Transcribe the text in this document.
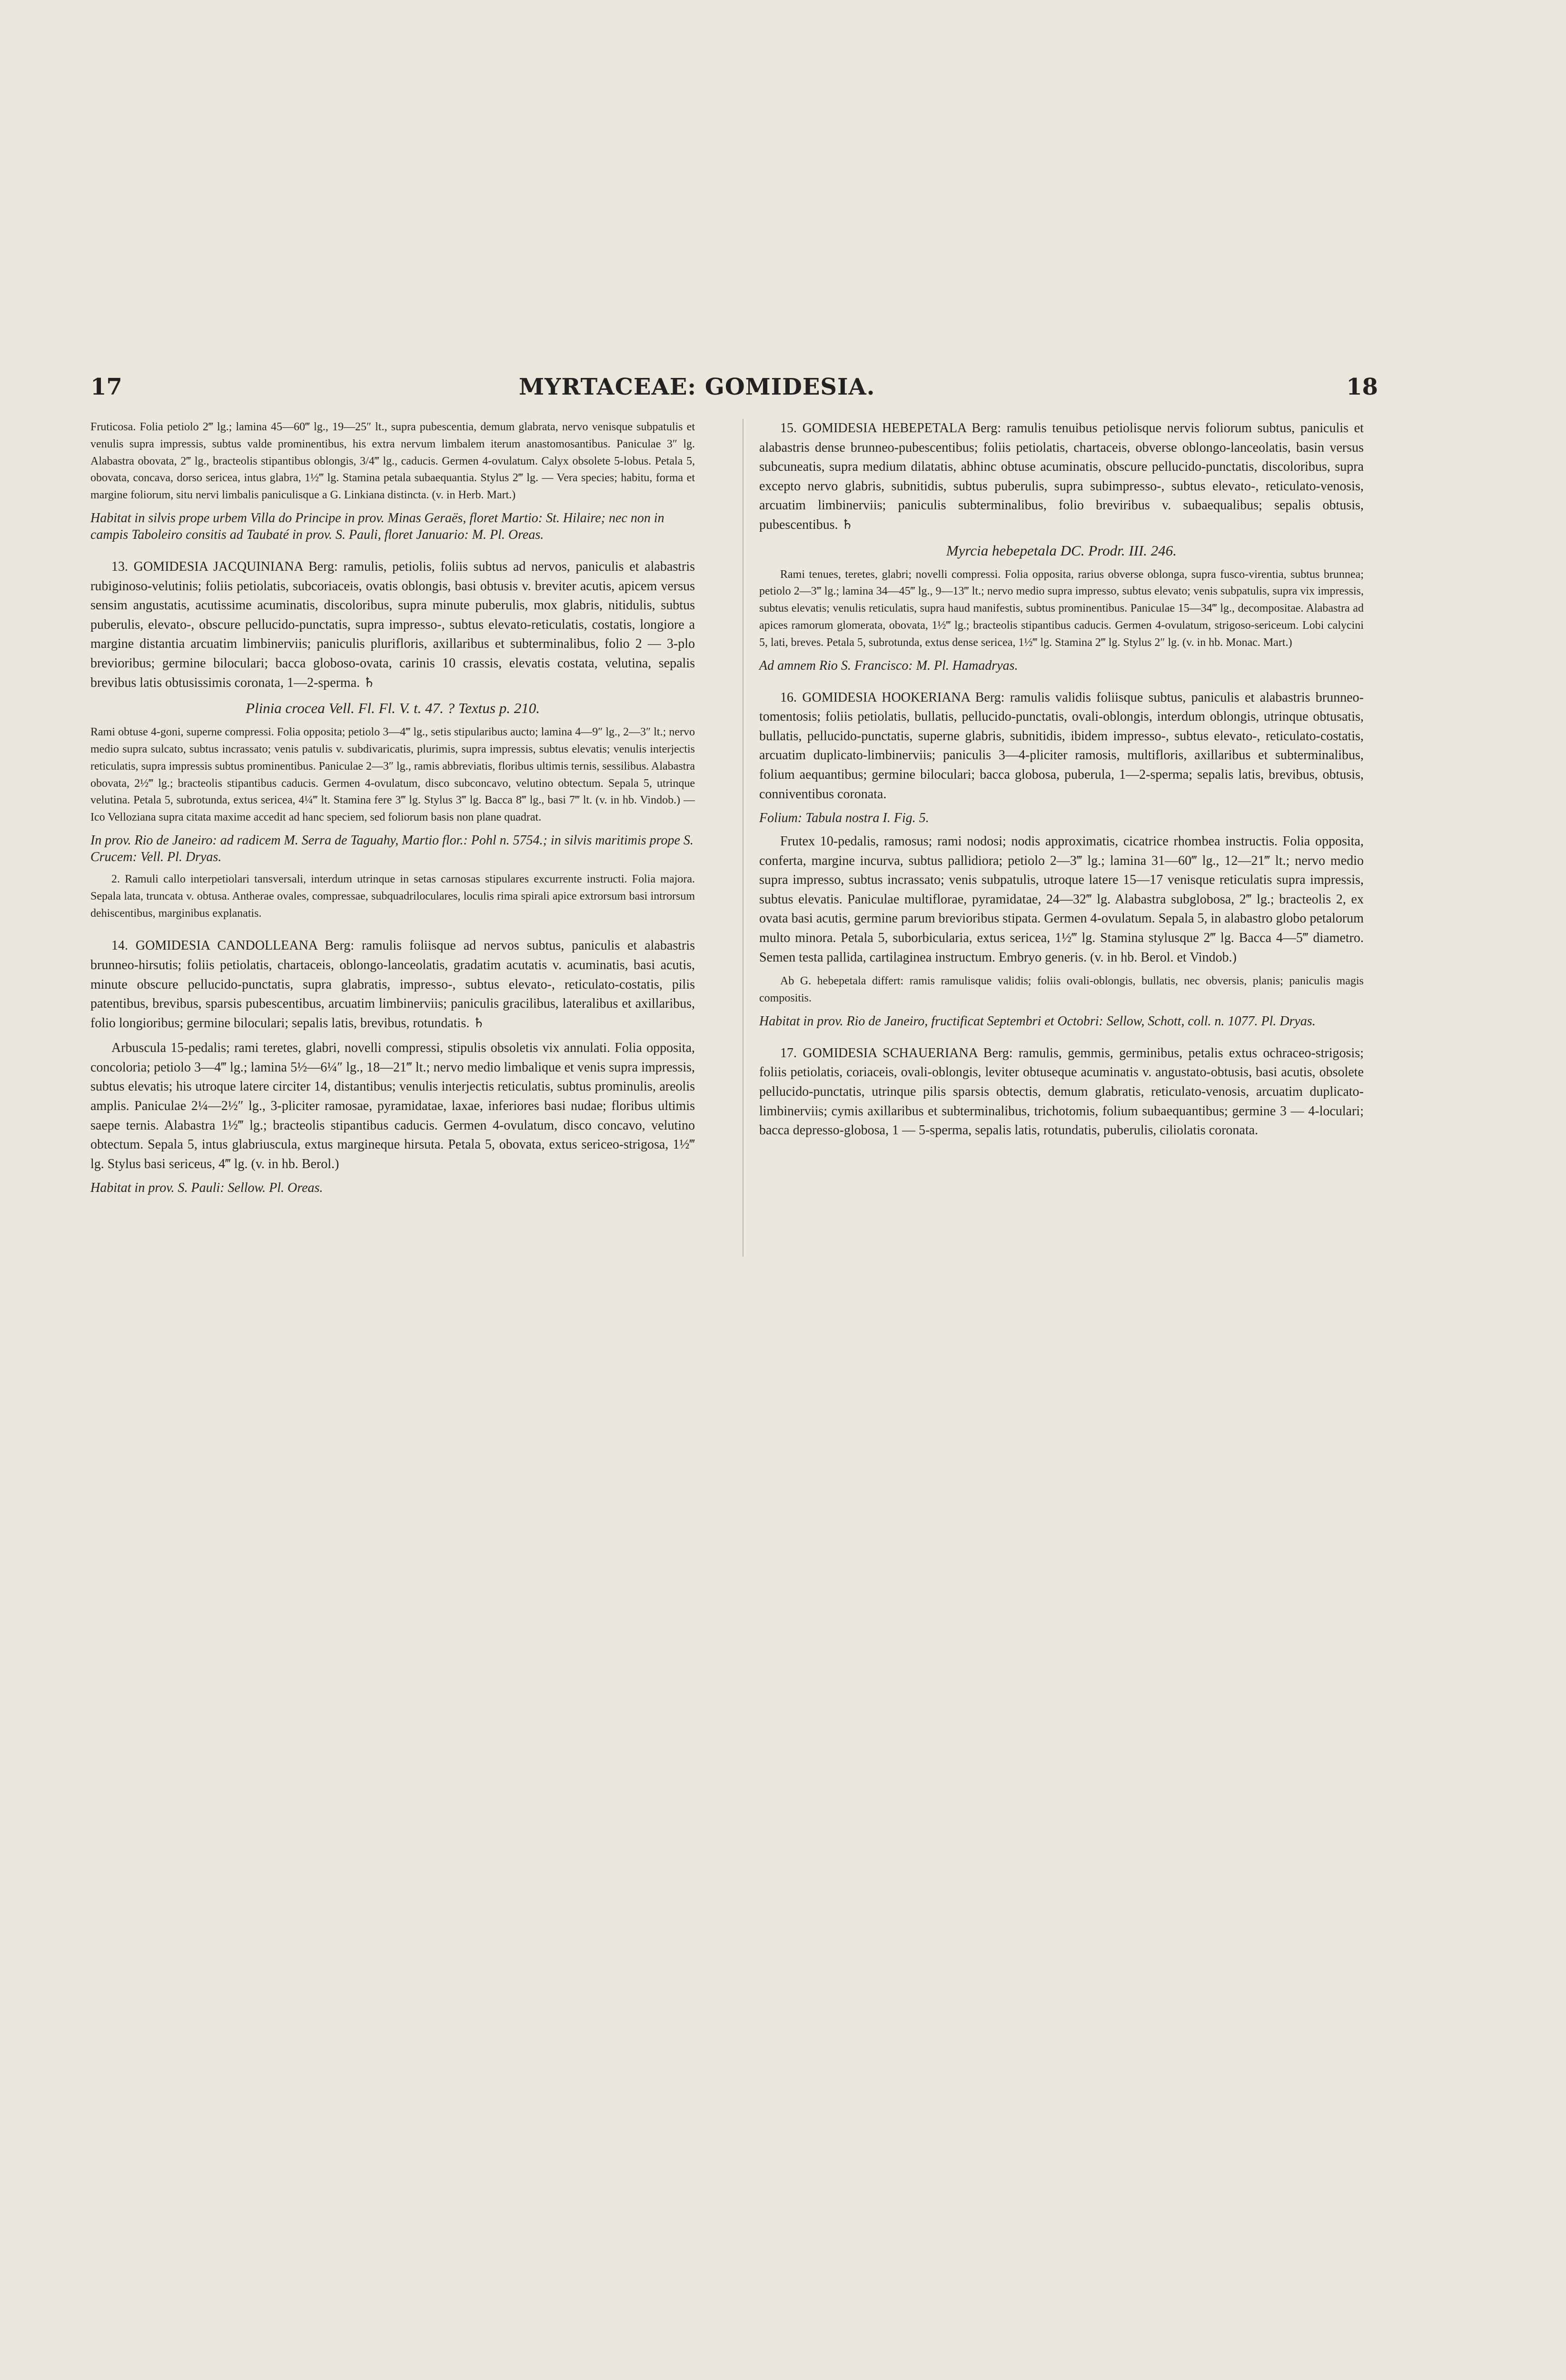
17	MYRTACEAE: GOMIDESIA.	18

Fruticosa. Folia petiolo 2‴ lg.; lamina 45—60‴ lg., 19—25″ lt., supra pubescentia, demum glabrata, nervo venisque subpatulis et venulis supra impressis, subtus valde prominentibus, his extra nervum limbalem iterum anastomosantibus. Paniculae 3″ lg. Alabastra obovata, 2‴ lg., bracteolis stipantibus oblongis, 3/4‴ lg., caducis. Germen 4-ovulatum. Calyx obsolete 5-lobus. Petala 5, obovata, concava, dorso sericea, intus glabra, 1½‴ lg. Stamina petala subaequantia. Stylus 2‴ lg. — Vera species; habitu, forma et margine foliorum, situ nervi limbalis paniculisque a G. Linkiana distincta. (v. in Herb. Mart.)

Habitat in silvis prope urbem Villa do Principe in prov. Minas Geraës, floret Martio: St. Hilaire; nec non in campis Taboleiro consitis ad Taubaté in prov. S. Pauli, floret Januario: M. Pl. Oreas.

13. GOMIDESIA JACQUINIANA Berg: ramulis, petiolis, foliis subtus ad nervos, paniculis et alabastris rubiginoso-velutinis; foliis petiolatis, subcoriaceis, ovatis oblongis, basi obtusis v. breviter acutis, apicem versus sensim angustatis, acutissime acuminatis, discoloribus, supra minute puberulis, mox glabris, nitidulis, subtus puberulis, elevato-, obscure pellucido-punctatis, supra impresso-, subtus elevato-reticulatis, costatis, longiore a margine distantia arcuatim limbinerviis; paniculis plurifloris, axillaribus et subterminalibus, folio 2 — 3-plo brevioribus; germine biloculari; bacca globoso-ovata, carinis 10 crassis, elevatis costata, velutina, sepalis brevibus latis obtusissimis coronata, 1—2-sperma. ♄

Plinia crocea Vell. Fl. Fl. V. t. 47. ? Textus p. 210.

Rami obtuse 4-goni, superne compressi. Folia opposita; petiolo 3—4‴ lg., setis stipularibus aucto; lamina 4—9″ lg., 2—3″ lt.; nervo medio supra sulcato, subtus incrassato; venis patulis v. subdivaricatis, plurimis, supra impressis, subtus elevatis; venulis interjectis reticulatis, supra impressis subtus prominentibus. Paniculae 2—3″ lg., ramis abbreviatis, floribus ultimis ternis, sessilibus. Alabastra obovata, 2½‴ lg.; bracteolis stipantibus caducis. Germen 4-ovulatum, disco subconcavo, velutino obtectum. Sepala 5, utrinque velutina. Petala 5, subrotunda, extus sericea, 4¼‴ lt. Stamina fere 3‴ lg. Stylus 3‴ lg. Bacca 8‴ lg., basi 7‴ lt. (v. in hb. Vindob.) — Ico Velloziana supra citata maxime accedit ad hanc speciem, sed foliorum basis non plane quadrat.

In prov. Rio de Janeiro: ad radicem M. Serra de Taguahy, Martio flor.: Pohl n. 5754.; in silvis maritimis prope S. Crucem: Vell. Pl. Dryas.

2. Ramuli callo interpetiolari tansversali, interdum utrinque in setas carnosas stipulares excurrente instructi. Folia majora. Sepala lata, truncata v. obtusa. Antherae ovales, compressae, subquadriloculares, loculis rima spirali apice extrorsum basi introrsum dehiscentibus, marginibus explanatis.

14. GOMIDESIA CANDOLLEANA Berg: ramulis foliisque ad nervos subtus, paniculis et alabastris brunneo-hirsutis; foliis petiolatis, chartaceis, oblongo-lanceolatis, gradatim acutatis v. acuminatis, basi acutis, minute obscure pellucido-punctatis, supra glabratis, impresso-, subtus elevato-, reticulato-costatis, pilis patentibus, brevibus, sparsis pubescentibus, arcuatim limbinerviis; paniculis gracilibus, lateralibus et axillaribus, folio longioribus; germine biloculari; sepalis latis, brevibus, rotundatis. ♄

Arbuscula 15-pedalis; rami teretes, glabri, novelli compressi, stipulis obsoletis vix annulati. Folia opposita, concoloria; petiolo 3—4‴ lg.; lamina 5½—6¼″ lg., 18—21‴ lt.; nervo medio limbalique et venis supra impressis, subtus elevatis; his utroque latere circiter 14, distantibus; venulis interjectis reticulatis, subtus prominulis, areolis amplis. Paniculae 2¼—2½″ lg., 3-pliciter ramosae, pyramidatae, laxae, inferiores basi nudae; floribus ultimis saepe ternis. Alabastra 1½‴ lg.; bracteolis stipantibus caducis. Germen 4-ovulatum, disco concavo, velutino obtectum. Sepala 5, intus glabriuscula, extus margineque hirsuta. Petala 5, obovata, extus sericeo-strigosa, 1½‴ lg. Stylus basi sericeus, 4‴ lg. (v. in hb. Berol.)

Habitat in prov. S. Pauli: Sellow. Pl. Oreas.

15. GOMIDESIA HEBEPETALA Berg: ramulis tenuibus petiolisque nervis foliorum subtus, paniculis et alabastris dense brunneo-pubescentibus; foliis petiolatis, chartaceis, obverse oblongo-lanceolatis, basin versus subcuneatis, supra medium dilatatis, abhinc obtuse acuminatis, obscure pellucido-punctatis, discoloribus, supra excepto nervo glabris, subnitidis, subtus puberulis, supra subimpresso-, subtus elevato-, reticulato-venosis, arcuatim limbinerviis; paniculis subterminalibus, folio breviribus v. subaequalibus; sepalis obtusis, pubescentibus. ♄

Myrcia hebepetala DC. Prodr. III. 246.

Rami tenues, teretes, glabri; novelli compressi. Folia opposita, rarius obverse oblonga, supra fusco-virentia, subtus brunnea; petiolo 2—3‴ lg.; lamina 34—45‴ lg., 9—13‴ lt.; nervo medio supra impresso, subtus elevato; venis subpatulis, supra vix impressis, subtus elevatis; venulis reticulatis, supra haud manifestis, subtus prominentibus. Paniculae 15—34‴ lg., decompositae. Alabastra ad apices ramorum glomerata, obovata, 1½‴ lg.; bracteolis stipantibus caducis. Germen 4-ovulatum, strigoso-sericeum. Lobi calycini 5, lati, breves. Petala 5, subrotunda, extus dense sericea, 1½‴ lg. Stamina 2‴ lg. Stylus 2″ lg. (v. in hb. Monac. Mart.)

Ad amnem Rio S. Francisco: M. Pl. Hamadryas.

16. GOMIDESIA HOOKERIANA Berg: ramulis validis foliisque subtus, paniculis et alabastris brunneo-tomentosis; foliis petiolatis, bullatis, pellucido-punctatis, ovali-oblongis, interdum oblongis, utrinque obtusatis, bullatis, pellucido-punctatis, superne glabris, subnitidis, ibidem impresso-, subtus elevato-, reticulato-costatis, arcuatim duplicato-limbinerviis; paniculis 3—4-pliciter ramosis, multifloris, axillaribus et subterminalibus, folium aequantibus; germine biloculari; bacca globosa, puberula, 1—2-sperma; sepalis latis, brevibus, obtusis, conniventibus coronata.

Folium: Tabula nostra I. Fig. 5.

Frutex 10-pedalis, ramosus; rami nodosi; nodis approximatis, cicatrice rhombea instructis. Folia opposita, conferta, margine incurva, subtus pallidiora; petiolo 2—3‴ lg.; lamina 31—60‴ lg., 12—21‴ lt.; nervo medio supra impresso, subtus incrassato; venis subpatulis, utroque latere 15—17 venisque reticulatis supra impressis, subtus elevatis. Paniculae multiflorae, pyramidatae, 24—32‴ lg. Alabastra subglobosa, 2‴ lg.; bracteolis 2, ex ovata basi acutis, germine parum brevioribus stipata. Germen 4-ovulatum. Sepala 5, in alabastro globo petalorum multo minora. Petala 5, suborbicularia, extus sericea, 1½‴ lg. Stamina stylusque 2‴ lg. Bacca 4—5‴ diametro. Semen testa pallida, cartilaginea instructum. Embryo generis. (v. in hb. Berol. et Vindob.)

Ab G. hebepetala differt: ramis ramulisque validis; foliis ovali-oblongis, bullatis, nec obversis, planis; paniculis magis compositis.

Habitat in prov. Rio de Janeiro, fructificat Septembri et Octobri: Sellow, Schott, coll. n. 1077. Pl. Dryas.

17. GOMIDESIA SCHAUERIANA Berg: ramulis, gemmis, germinibus, petalis extus ochraceo-strigosis; foliis petiolatis, coriaceis, ovali-oblongis, leviter obtuseque acuminatis v. angustato-obtusis, basi acutis, obsolete pellucido-punctatis, utrinque pilis sparsis obtectis, demum glabratis, reticulato-venosis, arcuatim duplicato-limbinerviis; cymis axillaribus et subterminalibus, trichotomis, folium subaequantibus; germine 3 — 4-loculari; bacca depresso-globosa, 1 — 5-sperma, sepalis latis, rotundatis, puberulis, ciliolatis coronata.
